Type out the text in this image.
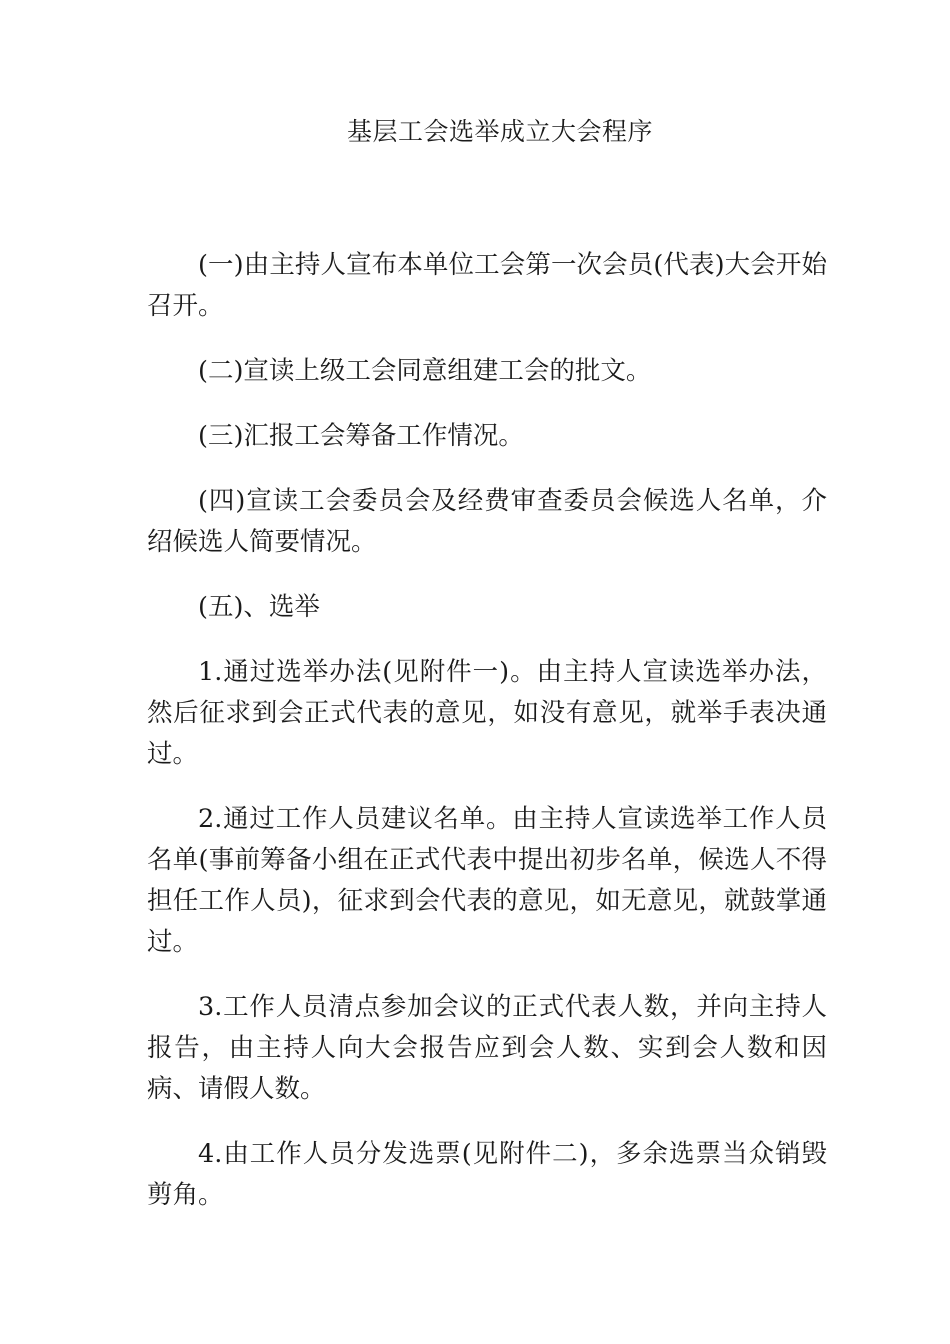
基层工会选举成立大会程序

(一)由主持人宣布本单位工会第一次会员(代表)大会开始召开。

(二)宣读上级工会同意组建工会的批文。

(三)汇报工会筹备工作情况。

(四)宣读工会委员会及经费审查委员会候选人名单，介绍候选人简要情况。

(五)、选举

1.通过选举办法(见附件一)。由主持人宣读选举办法，然后征求到会正式代表的意见，如没有意见，就举手表决通过。

2.通过工作人员建议名单。由主持人宣读选举工作人员名单(事前筹备小组在正式代表中提出初步名单，候选人不得担任工作人员)，征求到会代表的意见，如无意见，就鼓掌通过。

3.工作人员清点参加会议的正式代表人数，并向主持人报告，由主持人向大会报告应到会人数、实到会人数和因病、请假人数。

4.由工作人员分发选票(见附件二)，多余选票当众销毁剪角。
